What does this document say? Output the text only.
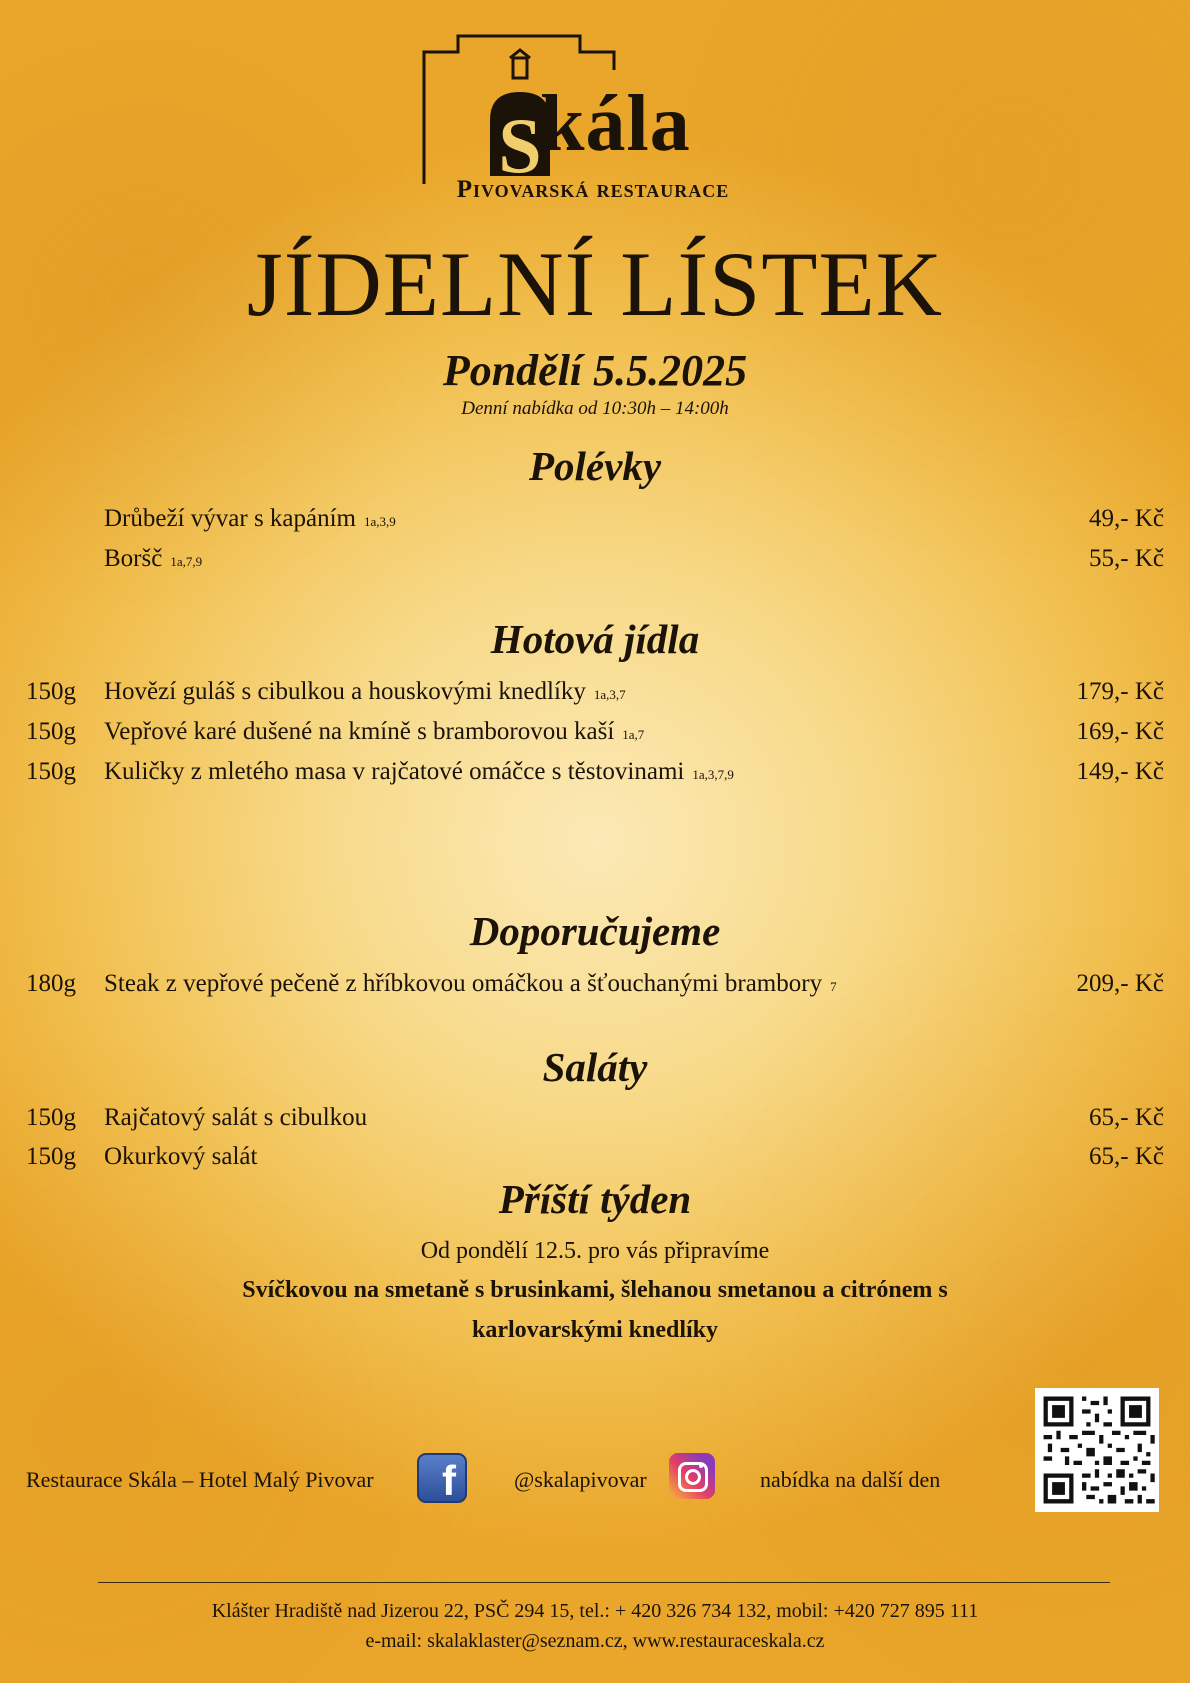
S
kála
Pivovarská restaurace
JÍDELNÍ LÍSTEK
Pondělí 5.5.2025
Denní nabídka od 10:30h – 14:00h
Polévky
Drůbeží vývar s kapáním 1a,3,9	49,- Kč
Boršč 1a,7,9	55,- Kč
Hotová jídla
150g Hovězí guláš s cibulkou a houskovými knedlíky 1a,3,7	179,- Kč
150g Vepřové karé dušené na kmíně s bramborovou kaší 1a,7	169,- Kč
150g Kuličky z mletého masa v rajčatové omáčce s těstovinami 1a,3,7,9	149,- Kč
Doporučujeme
180g Steak z vepřové pečeně z hříbkovou omáčkou a šťouchanými brambory 7	209,- Kč
Saláty
150g Rajčatový salát s cibulkou	65,- Kč
150g Okurkový salát	65,- Kč
Příští týden
Od pondělí 12.5. pro vás připravíme
Svíčkovou na smetaně s brusinkami, šlehanou smetanou a citrónem s
karlovarskými knedlíky
Restaurace Skála – Hotel Malý Pivovar f	@skalapivovar	nabídka na další den
Klášter Hradiště nad Jizerou 22, PSČ 294 15, tel.: + 420 326 734 132, mobil: +420 727 895 111
e-mail: skalaklaster@seznam.cz, www.restauraceskala.cz
